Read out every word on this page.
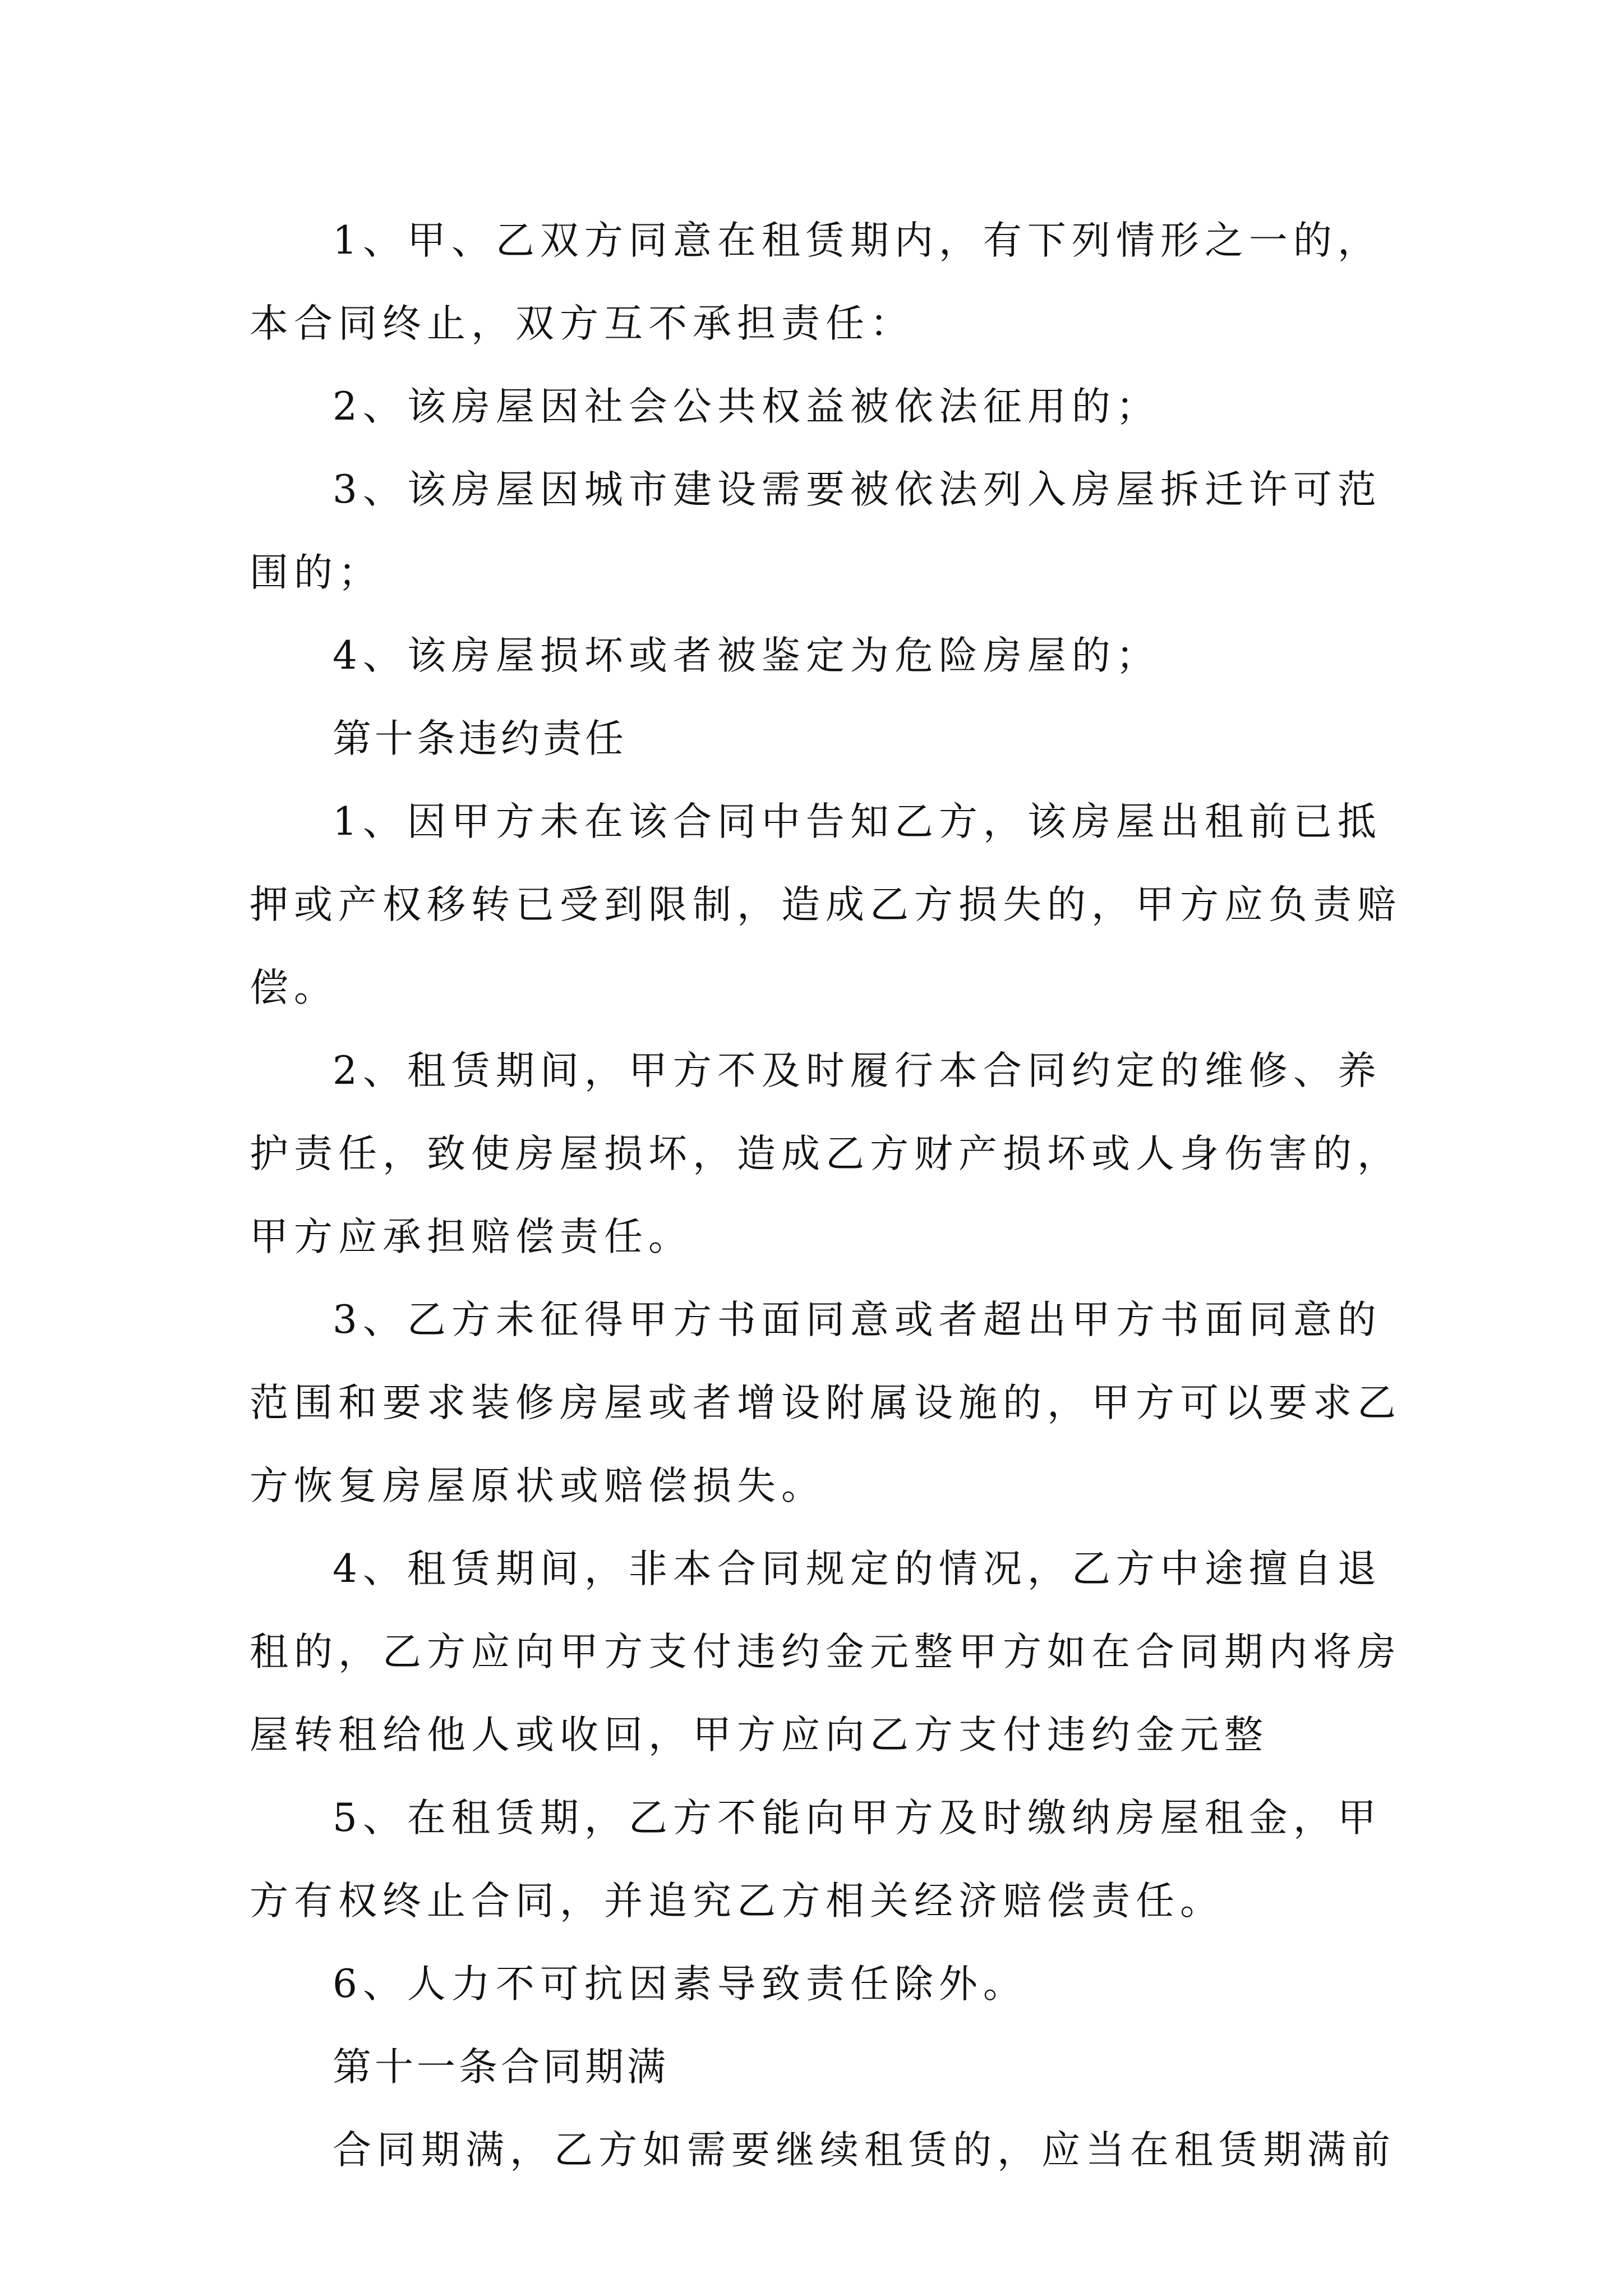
1、甲、乙双方同意在租赁期内，有下列情形之一的，
本合同终止，双方互不承担责任：
2、该房屋因社会公共权益被依法征用的；
3、该房屋因城市建设需要被依法列入房屋拆迁许可范
围的；
4、该房屋损坏或者被鉴定为危险房屋的；
第十条违约责任
1、因甲方未在该合同中告知乙方，该房屋出租前已抵
押或产权移转已受到限制，造成乙方损失的，甲方应负责赔
偿。
2、租赁期间，甲方不及时履行本合同约定的维修、养
护责任，致使房屋损坏，造成乙方财产损坏或人身伤害的，
甲方应承担赔偿责任。
3、乙方未征得甲方书面同意或者超出甲方书面同意的
范围和要求装修房屋或者增设附属设施的，甲方可以要求乙
方恢复房屋原状或赔偿损失。
4、租赁期间，非本合同规定的情况，乙方中途擅自退
租的，乙方应向甲方支付违约金元整甲方如在合同期内将房
屋转租给他人或收回，甲方应向乙方支付违约金元整
5、在租赁期，乙方不能向甲方及时缴纳房屋租金，甲
方有权终止合同，并追究乙方相关经济赔偿责任。
6、人力不可抗因素导致责任除外。
第十一条合同期满
合同期满，乙方如需要继续租赁的，应当在租赁期满前
